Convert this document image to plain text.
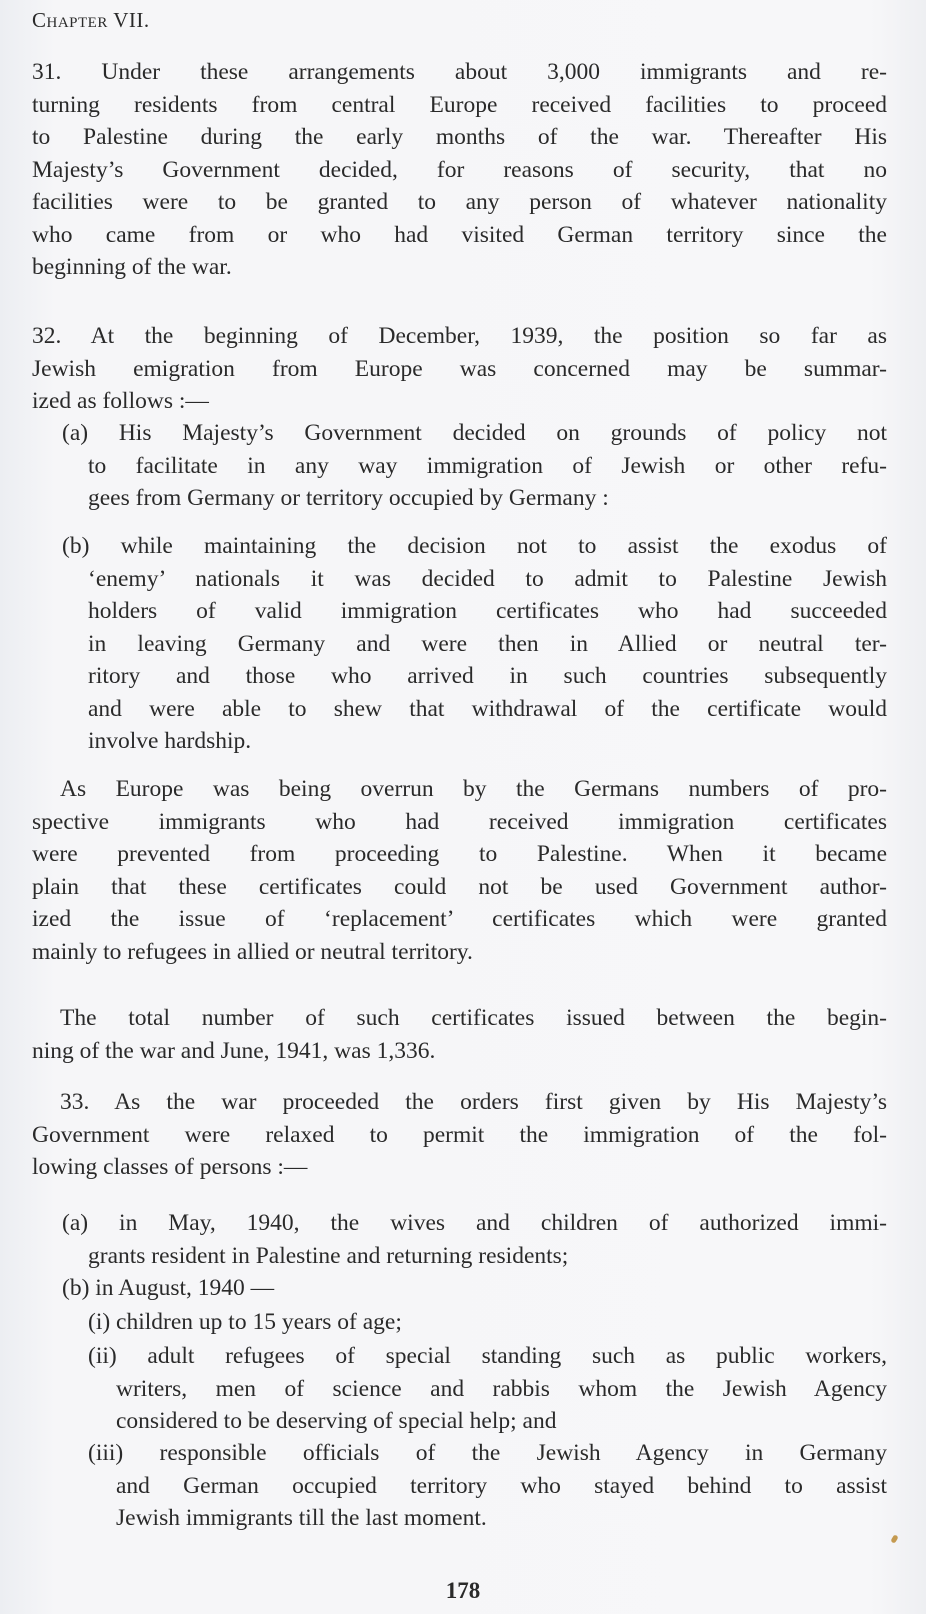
Chapter VII.
31. Under these arrangements about 3,000 immigrants and re-
turning residents from central Europe received facilities to proceed
to Palestine during the early months of the war. Thereafter His
Majesty’s Government decided, for reasons of security, that no
facilities were to be granted to any person of whatever nationality
who came from or who had visited German territory since the
beginning of the war.
32. At the beginning of December, 1939, the position so far as
Jewish emigration from Europe was concerned may be summar-
ized as follows :—
(a) His Majesty’s Government decided on grounds of policy not
to facilitate in any way immigration of Jewish or other refu-
gees from Germany or territory occupied by Germany :
(b) while maintaining the decision not to assist the exodus of
‘enemy’ nationals it was decided to admit to Palestine Jewish
holders of valid immigration certificates who had succeeded
in leaving Germany and were then in Allied or neutral ter-
ritory and those who arrived in such countries subsequently
and were able to shew that withdrawal of the certificate would
involve hardship.
As Europe was being overrun by the Germans numbers of pro-
spective immigrants who had received immigration certificates
were prevented from proceeding to Palestine. When it became
plain that these certificates could not be used Government author-
ized the issue of ‘replacement’ certificates which were granted
mainly to refugees in allied or neutral territory.
The total number of such certificates issued between the begin-
ning of the war and June, 1941, was 1,336.
33. As the war proceeded the orders first given by His Majesty’s
Government were relaxed to permit the immigration of the fol-
lowing classes of persons :—
(a) in May, 1940, the wives and children of authorized immi-
grants resident in Palestine and returning residents;
(b) in August, 1940 —
(i) children up to 15 years of age;
(ii) adult refugees of special standing such as public workers,
writers, men of science and rabbis whom the Jewish Agency
considered to be deserving of special help; and
(iii) responsible officials of the Jewish Agency in Germany
and German occupied territory who stayed behind to assist
Jewish immigrants till the last moment.
178
